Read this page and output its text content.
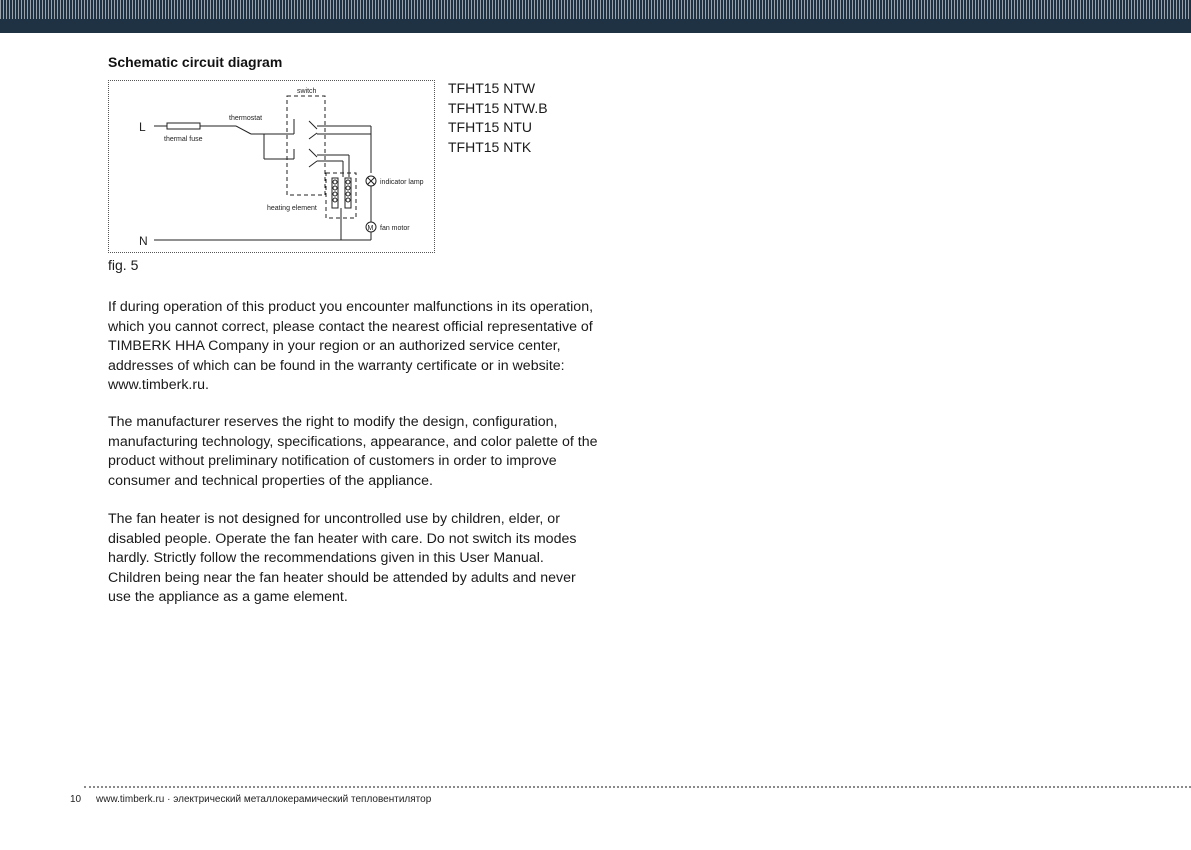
Schematic circuit diagram
L
N
switch
thermostat
thermal fuse
indicator lamp
heating element
fan motor
M
TFHT15 NTW
TFHT15 NTW.B
TFHT15 NTU
TFHT15 NTK

fig. 5

If during operation of this product you encounter malfunctions in its operation, which you cannot correct, please contact the nearest official representative of TIMBERK HHA Company in your region or an authorized service center, addresses of which can be found in the warranty certificate or in website: www.timberk.ru.

The manufacturer reserves the right to modify the design, configuration, manufacturing technology, specifications, appearance, and color palette of the product without preliminary notification of customers in order to improve consumer and technical properties of the appliance.

The fan heater is not designed for uncontrolled use by children, elder, or disabled people. Operate the fan heater with care. Do not switch its modes hardly. Strictly follow the recommendations given in this User Manual. Children being near the fan heater should be attended by adults and never use the appliance as a game element.

10 www.timberk.ru · электрический металлокерамический тепловентилятор
